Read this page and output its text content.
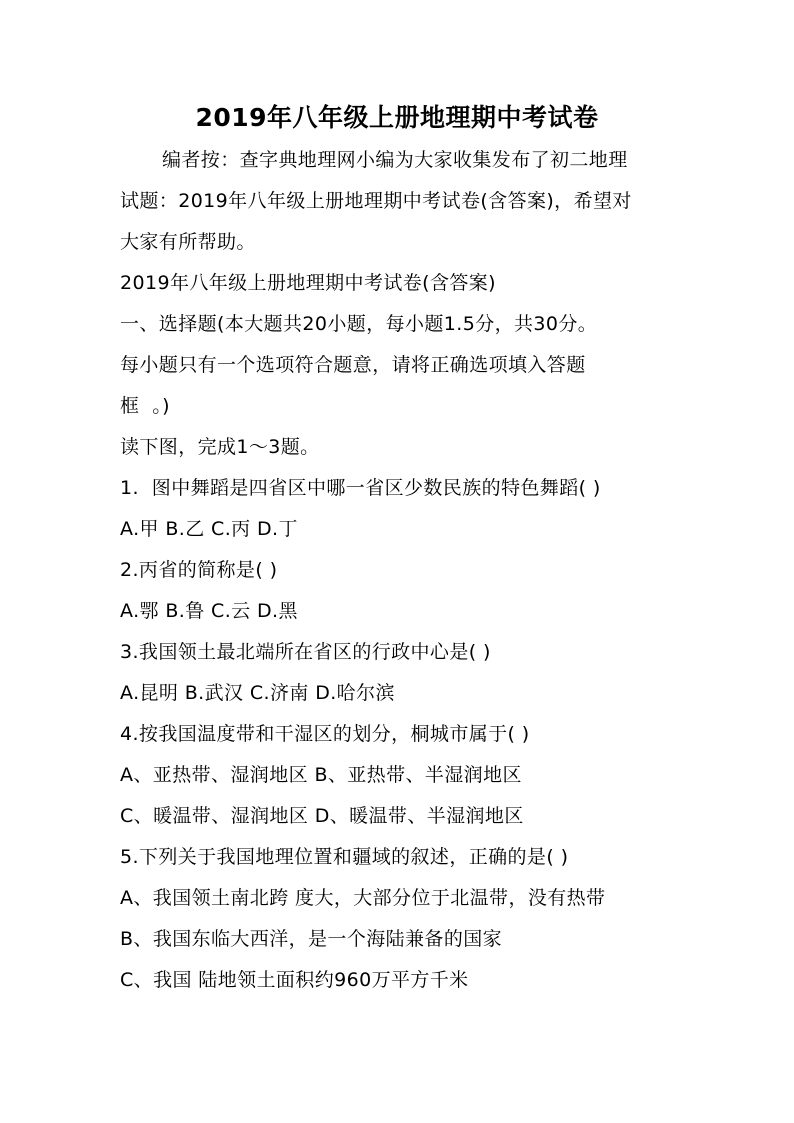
2019年八年级上册地理期中考试卷
编者按：查字典地理网小编为大家收集发布了初二地理
试题：2019年八年级上册地理期中考试卷(含答案)，希望对
大家有所帮助。
2019年八年级上册地理期中考试卷(含答案)
一、选择题(本大题共20小题，每小题1.5分，共30分。
每小题只有一个选项符合题意，请将正确选项填入答题
框  。)
读下图，完成1～3题。
1.  图中舞蹈是四省区中哪一省区少数民族的特色舞蹈( )
A.甲 B.乙 C.丙 D.丁
2.丙省的简称是( )
A.鄂 B.鲁 C.云 D.黑
3.我国领土最北端所在省区的行政中心是( )
A.昆明 B.武汉 C.济南 D.哈尔滨
4.按我国温度带和干湿区的划分，桐城市属于( )
A、亚热带、湿润地区 B、亚热带、半湿润地区
C、暖温带、湿润地区 D、暖温带、半湿润地区
5.下列关于我国地理位置和疆域的叙述，正确的是( )
A、我国领土南北跨 度大，大部分位于北温带，没有热带
B、我国东临大西洋，是一个海陆兼备的国家
C、我国 陆地领土面积约960万平方千米
